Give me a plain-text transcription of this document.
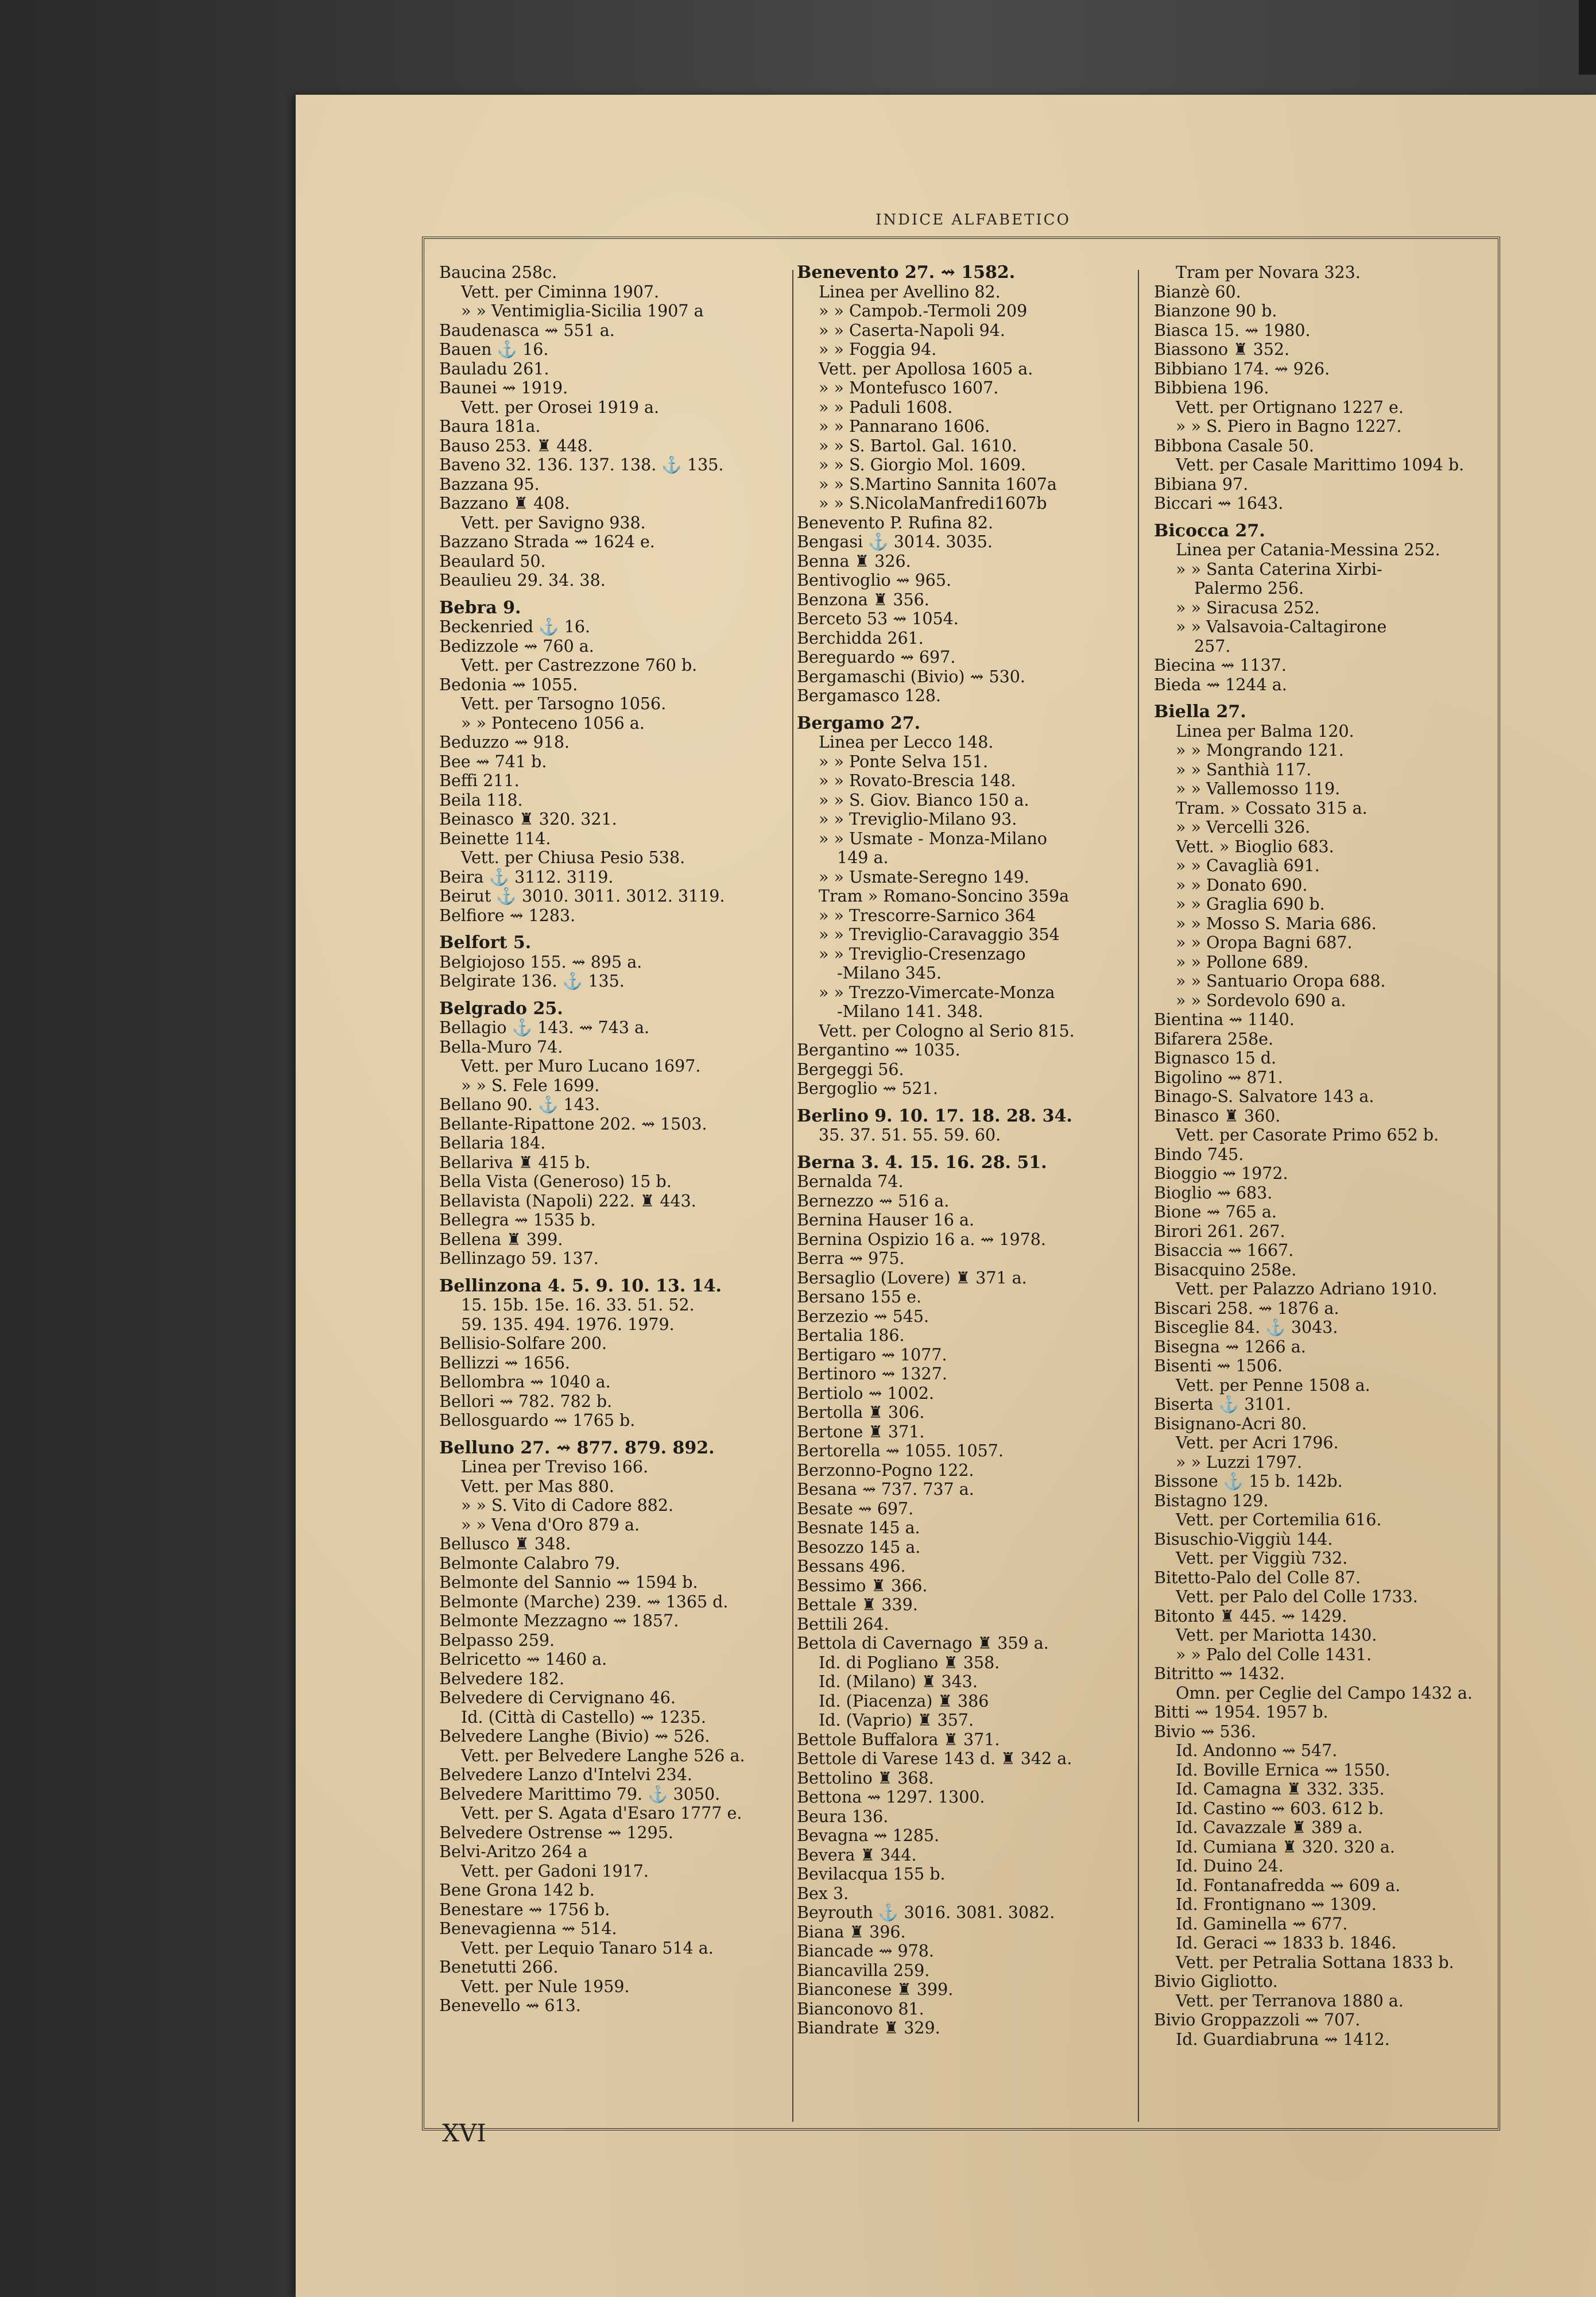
INDICE ALFABETICO
Baucina 258c.
Vett. per Ciminna 1907.
» » Ventimiglia-Sicilia 1907 a
Baudenasca ⇝ 551 a.
Bauen ⚓ 16.
Bauladu 261.
Baunei ⇝ 1919.
Vett. per Orosei 1919 a.
Baura 181a.
Bauso 253. ♜ 448.
Baveno 32. 136. 137. 138. ⚓ 135.
Bazzana 95.
Bazzano ♜ 408.
Vett. per Savigno 938.
Bazzano Strada ⇝ 1624 e.
Beaulard 50.
Beaulieu 29. 34. 38.
Bebra 9.
Beckenried ⚓ 16.
Bedizzole ⇝ 760 a.
Vett. per Castrezzone 760 b.
Bedonia ⇝ 1055.
Vett. per Tarsogno 1056.
» » Ponteceno 1056 a.
Beduzzo ⇝ 918.
Bee ⇝ 741 b.
Beffi 211.
Beila 118.
Beinasco ♜ 320. 321.
Beinette 114.
Vett. per Chiusa Pesio 538.
Beira ⚓ 3112. 3119.
Beirut ⚓ 3010. 3011. 3012. 3119.
Belfiore ⇝ 1283.
Belfort 5.
Belgiojoso 155. ⇝ 895 a.
Belgirate 136. ⚓ 135.
Belgrado 25.
Bellagio ⚓ 143. ⇝ 743 a.
Bella-Muro 74.
Vett. per Muro Lucano 1697.
» » S. Fele 1699.
Bellano 90. ⚓ 143.
Bellante-Ripattone 202. ⇝ 1503.
Bellaria 184.
Bellariva ♜ 415 b.
Bella Vista (Generoso) 15 b.
Bellavista (Napoli) 222. ♜ 443.
Bellegra ⇝ 1535 b.
Bellena ♜ 399.
Bellinzago 59. 137.
Bellinzona 4. 5. 9. 10. 13. 14.
15. 15b. 15e. 16. 33. 51. 52.
59. 135. 494. 1976. 1979.
Bellisio-Solfare 200.
Bellizzi ⇝ 1656.
Bellombra ⇝ 1040 a.
Bellori ⇝ 782. 782 b.
Bellosguardo ⇝ 1765 b.
Belluno 27. ⇝ 877. 879. 892.
Linea per Treviso 166.
Vett. per Mas 880.
» » S. Vito di Cadore 882.
» » Vena d'Oro 879 a.
Bellusco ♜ 348.
Belmonte Calabro 79.
Belmonte del Sannio ⇝ 1594 b.
Belmonte (Marche) 239. ⇝ 1365 d.
Belmonte Mezzagno ⇝ 1857.
Belpasso 259.
Belricetto ⇝ 1460 a.
Belvedere 182.
Belvedere di Cervignano 46.
Id. (Città di Castello) ⇝ 1235.
Belvedere Langhe (Bivio) ⇝ 526.
Vett. per Belvedere Langhe 526 a.
Belvedere Lanzo d'Intelvi 234.
Belvedere Marittimo 79. ⚓ 3050.
Vett. per S. Agata d'Esaro 1777 e.
Belvedere Ostrense ⇝ 1295.
Belvi-Aritzo 264 a
Vett. per Gadoni 1917.
Bene Grona 142 b.
Benestare ⇝ 1756 b.
Benevagienna ⇝ 514.
Vett. per Lequio Tanaro 514 a.
Benetutti 266.
Vett. per Nule 1959.
Benevello ⇝ 613.
Benevento 27. ⇝ 1582.
Linea per Avellino 82.
» » Campob.-Termoli 209
» » Caserta-Napoli 94.
» » Foggia 94.
Vett. per Apollosa 1605 a.
» » Montefusco 1607.
» » Paduli 1608.
» » Pannarano 1606.
» » S. Bartol. Gal. 1610.
» » S. Giorgio Mol. 1609.
» » S.Martino Sannita 1607a
» » S.NicolaManfredi1607b
Benevento P. Rufina 82.
Bengasi ⚓ 3014. 3035.
Benna ♜ 326.
Bentivoglio ⇝ 965.
Benzona ♜ 356.
Berceto 53 ⇝ 1054.
Berchidda 261.
Bereguardo ⇝ 697.
Bergamaschi (Bivio) ⇝ 530.
Bergamasco 128.
Bergamo 27.
Linea per Lecco 148.
» » Ponte Selva 151.
» » Rovato-Brescia 148.
» » S. Giov. Bianco 150 a.
» » Treviglio-Milano 93.
» » Usmate - Monza-Milano
149 a.
» » Usmate-Seregno 149.
Tram » Romano-Soncino 359a
» » Trescorre-Sarnico 364
» » Treviglio-Caravaggio 354
» » Treviglio-Cresenzago
-Milano 345.
» » Trezzo-Vimercate-Monza
-Milano 141. 348.
Vett. per Cologno al Serio 815.
Bergantino ⇝ 1035.
Bergeggi 56.
Bergoglio ⇝ 521.
Berlino 9. 10. 17. 18. 28. 34.
35. 37. 51. 55. 59. 60.
Berna 3. 4. 15. 16. 28. 51.
Bernalda 74.
Bernezzo ⇝ 516 a.
Bernina Hauser 16 a.
Bernina Ospizio 16 a. ⇝ 1978.
Berra ⇝ 975.
Bersaglio (Lovere) ♜ 371 a.
Bersano 155 e.
Berzezio ⇝ 545.
Bertalia 186.
Bertigaro ⇝ 1077.
Bertinoro ⇝ 1327.
Bertiolo ⇝ 1002.
Bertolla ♜ 306.
Bertone ♜ 371.
Bertorella ⇝ 1055. 1057.
Berzonno-Pogno 122.
Besana ⇝ 737. 737 a.
Besate ⇝ 697.
Besnate 145 a.
Besozzo 145 a.
Bessans 496.
Bessimo ♜ 366.
Bettale ♜ 339.
Bettili 264.
Bettola di Cavernago ♜ 359 a.
Id. di Pogliano ♜ 358.
Id. (Milano) ♜ 343.
Id. (Piacenza) ♜ 386
Id. (Vaprio) ♜ 357.
Bettole Buffalora ♜ 371.
Bettole di Varese 143 d. ♜ 342 a.
Bettolino ♜ 368.
Bettona ⇝ 1297. 1300.
Beura 136.
Bevagna ⇝ 1285.
Bevera ♜ 344.
Bevilacqua 155 b.
Bex 3.
Beyrouth ⚓ 3016. 3081. 3082.
Biana ♜ 396.
Biancade ⇝ 978.
Biancavilla 259.
Bianconese ♜ 399.
Bianconovo 81.
Biandrate ♜ 329.
Tram per Novara 323.
Bianzè 60.
Bianzone 90 b.
Biasca 15. ⇝ 1980.
Biassono ♜ 352.
Bibbiano 174. ⇝ 926.
Bibbiena 196.
Vett. per Ortignano 1227 e.
» » S. Piero in Bagno 1227.
Bibbona Casale 50.
Vett. per Casale Marittimo 1094 b.
Bibiana 97.
Biccari ⇝ 1643.
Bicocca 27.
Linea per Catania-Messina 252.
» » Santa Caterina Xirbi-
Palermo 256.
» » Siracusa 252.
» » Valsavoia-Caltagirone
257.
Biecina ⇝ 1137.
Bieda ⇝ 1244 a.
Biella 27.
Linea per Balma 120.
» » Mongrando 121.
» » Santhià 117.
» » Vallemosso 119.
Tram. » Cossato 315 a.
» » Vercelli 326.
Vett. » Bioglio 683.
» » Cavaglià 691.
» » Donato 690.
» » Graglia 690 b.
» » Mosso S. Maria 686.
» » Oropa Bagni 687.
» » Pollone 689.
» » Santuario Oropa 688.
» » Sordevolo 690 a.
Bientina ⇝ 1140.
Bifarera 258e.
Bignasco 15 d.
Bigolino ⇝ 871.
Binago-S. Salvatore 143 a.
Binasco ♜ 360.
Vett. per Casorate Primo 652 b.
Bindo 745.
Bioggio ⇝ 1972.
Bioglio ⇝ 683.
Bione ⇝ 765 a.
Birori 261. 267.
Bisaccia ⇝ 1667.
Bisacquino 258e.
Vett. per Palazzo Adriano 1910.
Biscari 258. ⇝ 1876 a.
Bisceglie 84. ⚓ 3043.
Bisegna ⇝ 1266 a.
Bisenti ⇝ 1506.
Vett. per Penne 1508 a.
Biserta ⚓ 3101.
Bisignano-Acri 80.
Vett. per Acri 1796.
» » Luzzi 1797.
Bissone ⚓ 15 b. 142b.
Bistagno 129.
Vett. per Cortemilia 616.
Bisuschio-Viggiù 144.
Vett. per Viggiù 732.
Bitetto-Palo del Colle 87.
Vett. per Palo del Colle 1733.
Bitonto ♜ 445. ⇝ 1429.
Vett. per Mariotta 1430.
» » Palo del Colle 1431.
Bitritto ⇝ 1432.
Omn. per Ceglie del Campo 1432 a.
Bitti ⇝ 1954. 1957 b.
Bivio ⇝ 536.
Id. Andonno ⇝ 547.
Id. Boville Ernica ⇝ 1550.
Id. Camagna ♜ 332. 335.
Id. Castino ⇝ 603. 612 b.
Id. Cavazzale ♜ 389 a.
Id. Cumiana ♜ 320. 320 a.
Id. Duino 24.
Id. Fontanafredda ⇝ 609 a.
Id. Frontignano ⇝ 1309.
Id. Gaminella ⇝ 677.
Id. Geraci ⇝ 1833 b. 1846.
Vett. per Petralia Sottana 1833 b.
Bivio Gigliotto.
Vett. per Terranova 1880 a.
Bivio Groppazzoli ⇝ 707.
Id. Guardiabruna ⇝ 1412.
XVI
